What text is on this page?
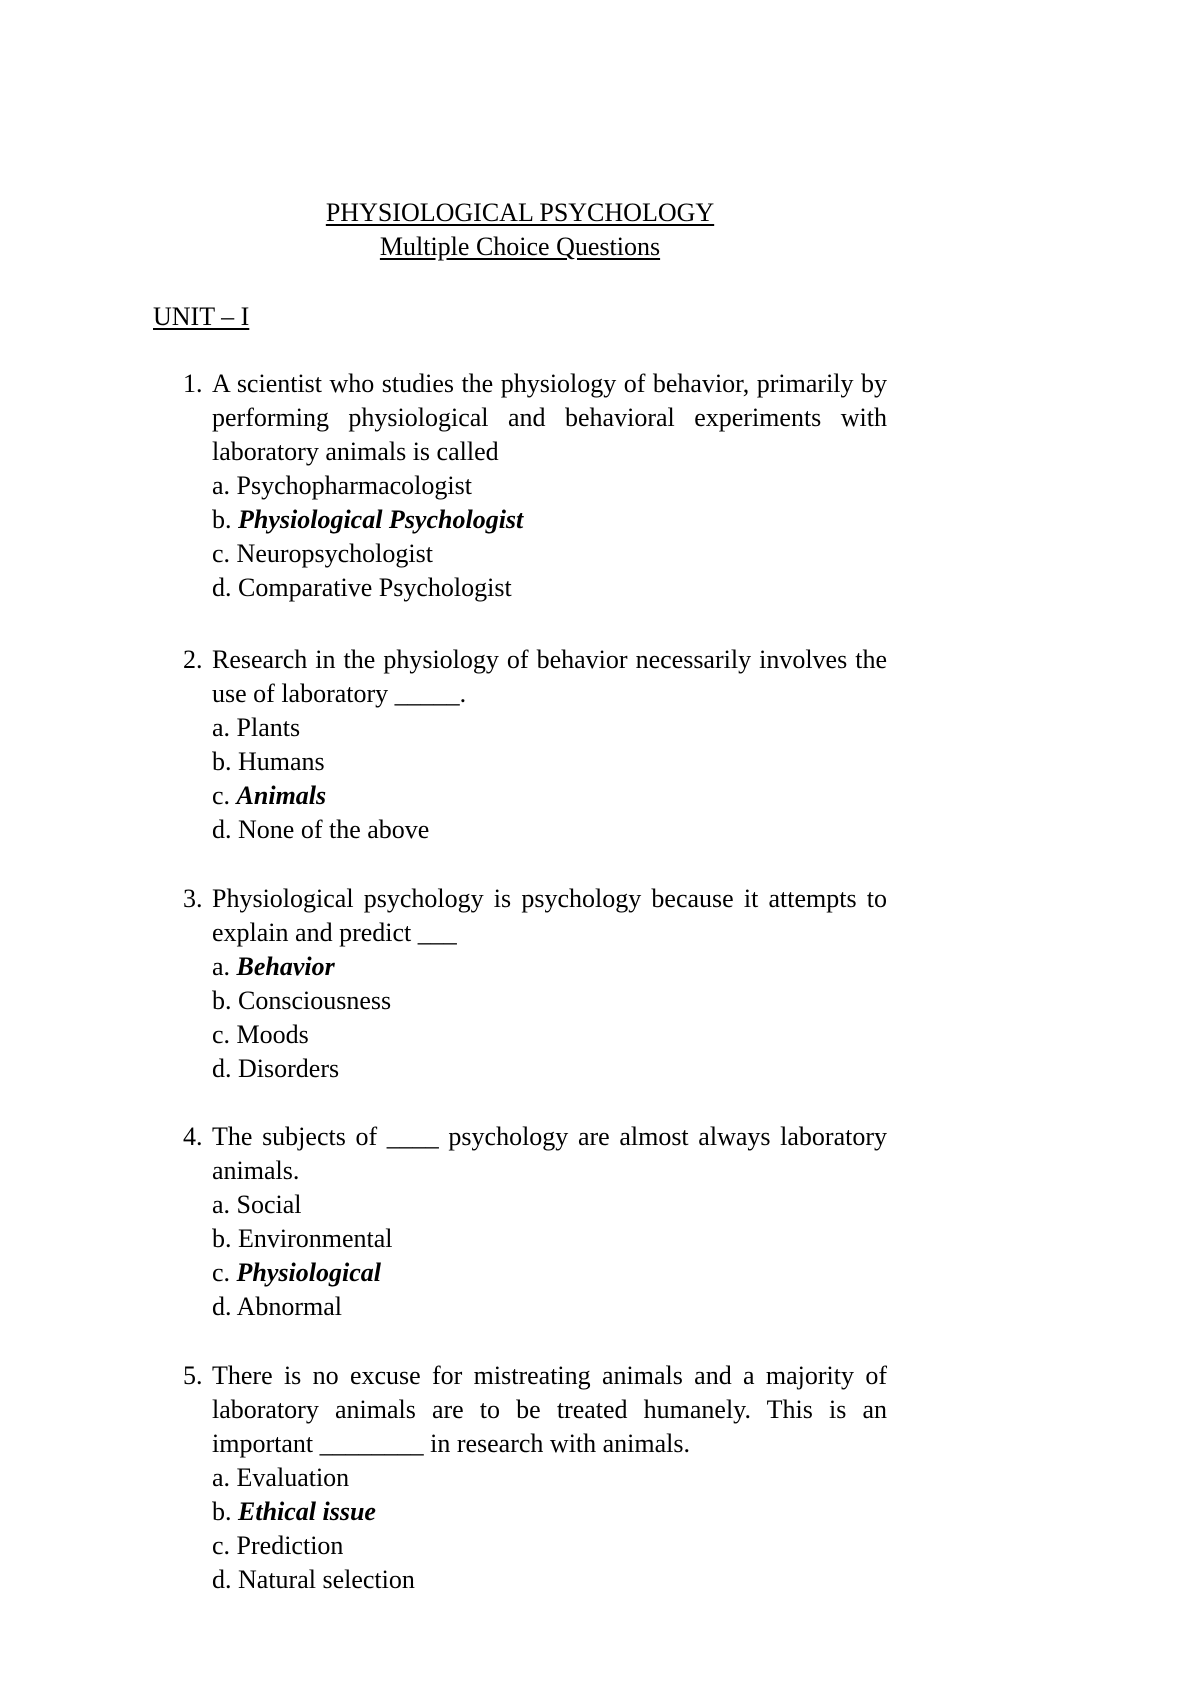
PHYSIOLOGICAL PSYCHOLOGY
Multiple Choice Questions
UNIT – I
1. A scientist who studies the physiology of behavior, primarily by performing physiological and behavioral experiments with laboratory animals is called
a. Psychopharmacologist
b. Physiological Psychologist
c. Neuropsychologist
d. Comparative Psychologist
2. Research in the physiology of behavior necessarily involves the use of laboratory _____.
a. Plants
b. Humans
c. Animals
d. None of the above
3. Physiological psychology is psychology because it attempts to explain and predict ___
a. Behavior
b. Consciousness
c. Moods
d. Disorders
4. The subjects of ____ psychology are almost always laboratory animals.
a. Social
b. Environmental
c. Physiological
d. Abnormal
5. There is no excuse for mistreating animals and a majority of laboratory animals are to be treated humanely. This is an important ________ in research with animals.
a. Evaluation
b. Ethical issue
c. Prediction
d. Natural selection
